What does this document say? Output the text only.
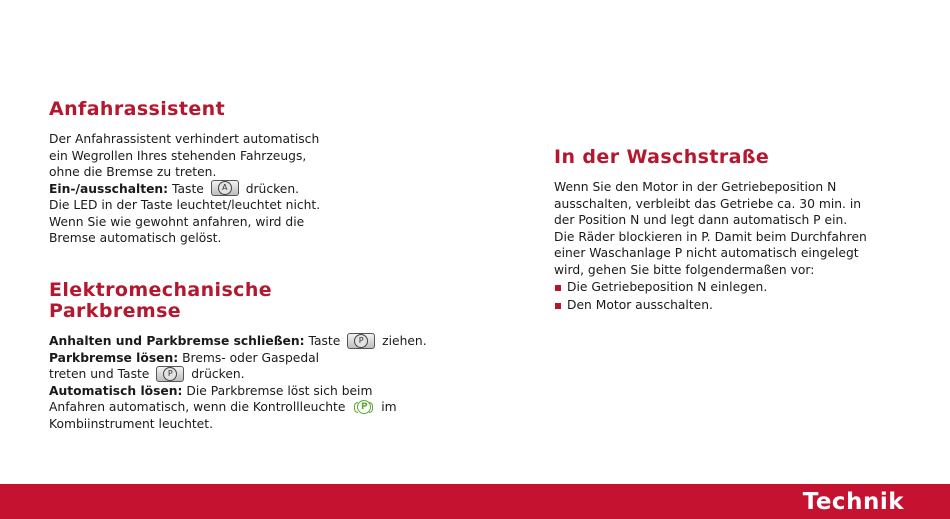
Anfahrassistent

Der Anfahrassistent verhindert automatisch

ein Wegrollen Ihres stehenden Fahrzeugs,

ohne die Bremse zu treten.

Ein-/ausschalten: Taste	A	drücken.

Die LED in der Taste leuchtet/leuchtet nicht.

Wenn Sie wie gewohnt anfahren, wird die

Bremse automatisch gelöst.

Elektromechanische
Parkbremse

Anhalten und Parkbremse schließen: Taste	P	ziehen.

Parkbremse lösen: Brems- oder Gaspedal

treten und Taste	P	drücken.

Automatisch lösen: Die Parkbremse löst sich beim

Anfahren automatisch, wenn die Kontrollleuchte	P	im

Kombiinstrument leuchtet.

In der Waschstraße

Wenn Sie den Motor in der Getriebeposition N

ausschalten, verbleibt das Getriebe ca. 30 min. in

der Position N und legt dann automatisch P ein.

Die Räder blockieren in P. Damit beim Durchfahren

einer Waschanlage P nicht automatisch eingelegt

wird, gehen Sie bitte folgendermaßen vor:

Die Getriebeposition N einlegen.
Den Motor ausschalten.
Technik
